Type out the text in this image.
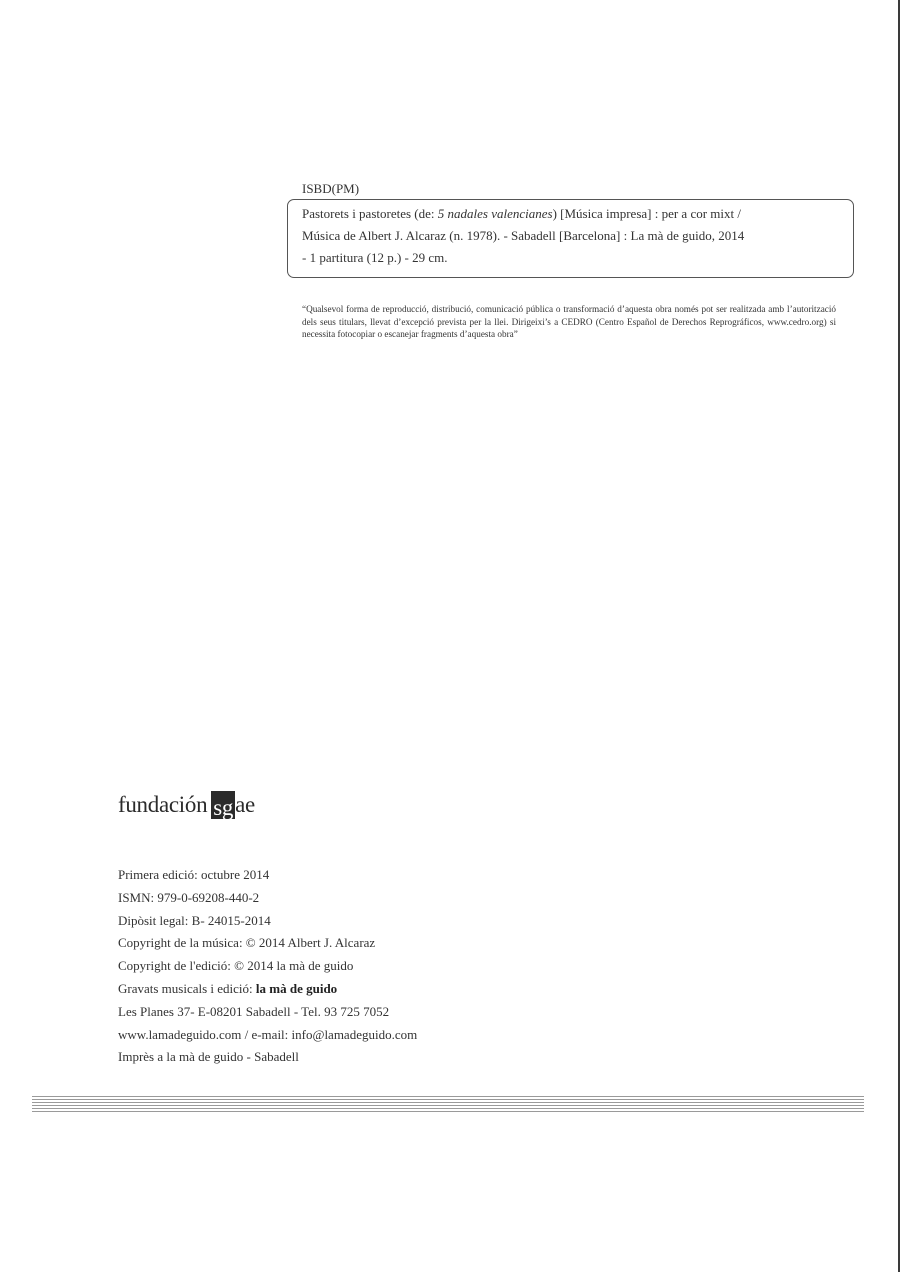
ISBD(PM)
Pastorets i pastoretes (de: 5 nadales valencianes) [Música impresa] : per a cor mixt /
Música de Albert J. Alcaraz (n. 1978). - Sabadell [Barcelona] : La mà de guido, 2014
- 1 partitura (12 p.) - 29 cm.
“Qualsevol forma de reproducció, distribució, comunicació pública o transformació d’aquesta obra només pot ser realitzada amb l’autorització dels seus titulars, llevat d’excepció prevista per la llei. Dirigeixi’s a CEDRO (Centro Español de Derechos Reprográficos, www.cedro.org) si necessita fotocopiar o escanejar fragments d’aquesta obra”
fundación sg ae
Primera edició: octubre 2014
ISMN: 979-0-69208-440-2
Dipòsit legal: B- 24015-2014
Copyright de la música: © 2014 Albert J. Alcaraz
Copyright de l'edició: © 2014 la mà de guido
Gravats musicals i edició: la mà de guido
Les Planes 37- E-08201 Sabadell - Tel. 93 725 7052
www.lamadeguido.com / e-mail: info@lamadeguido.com
Imprès a la mà de guido - Sabadell
